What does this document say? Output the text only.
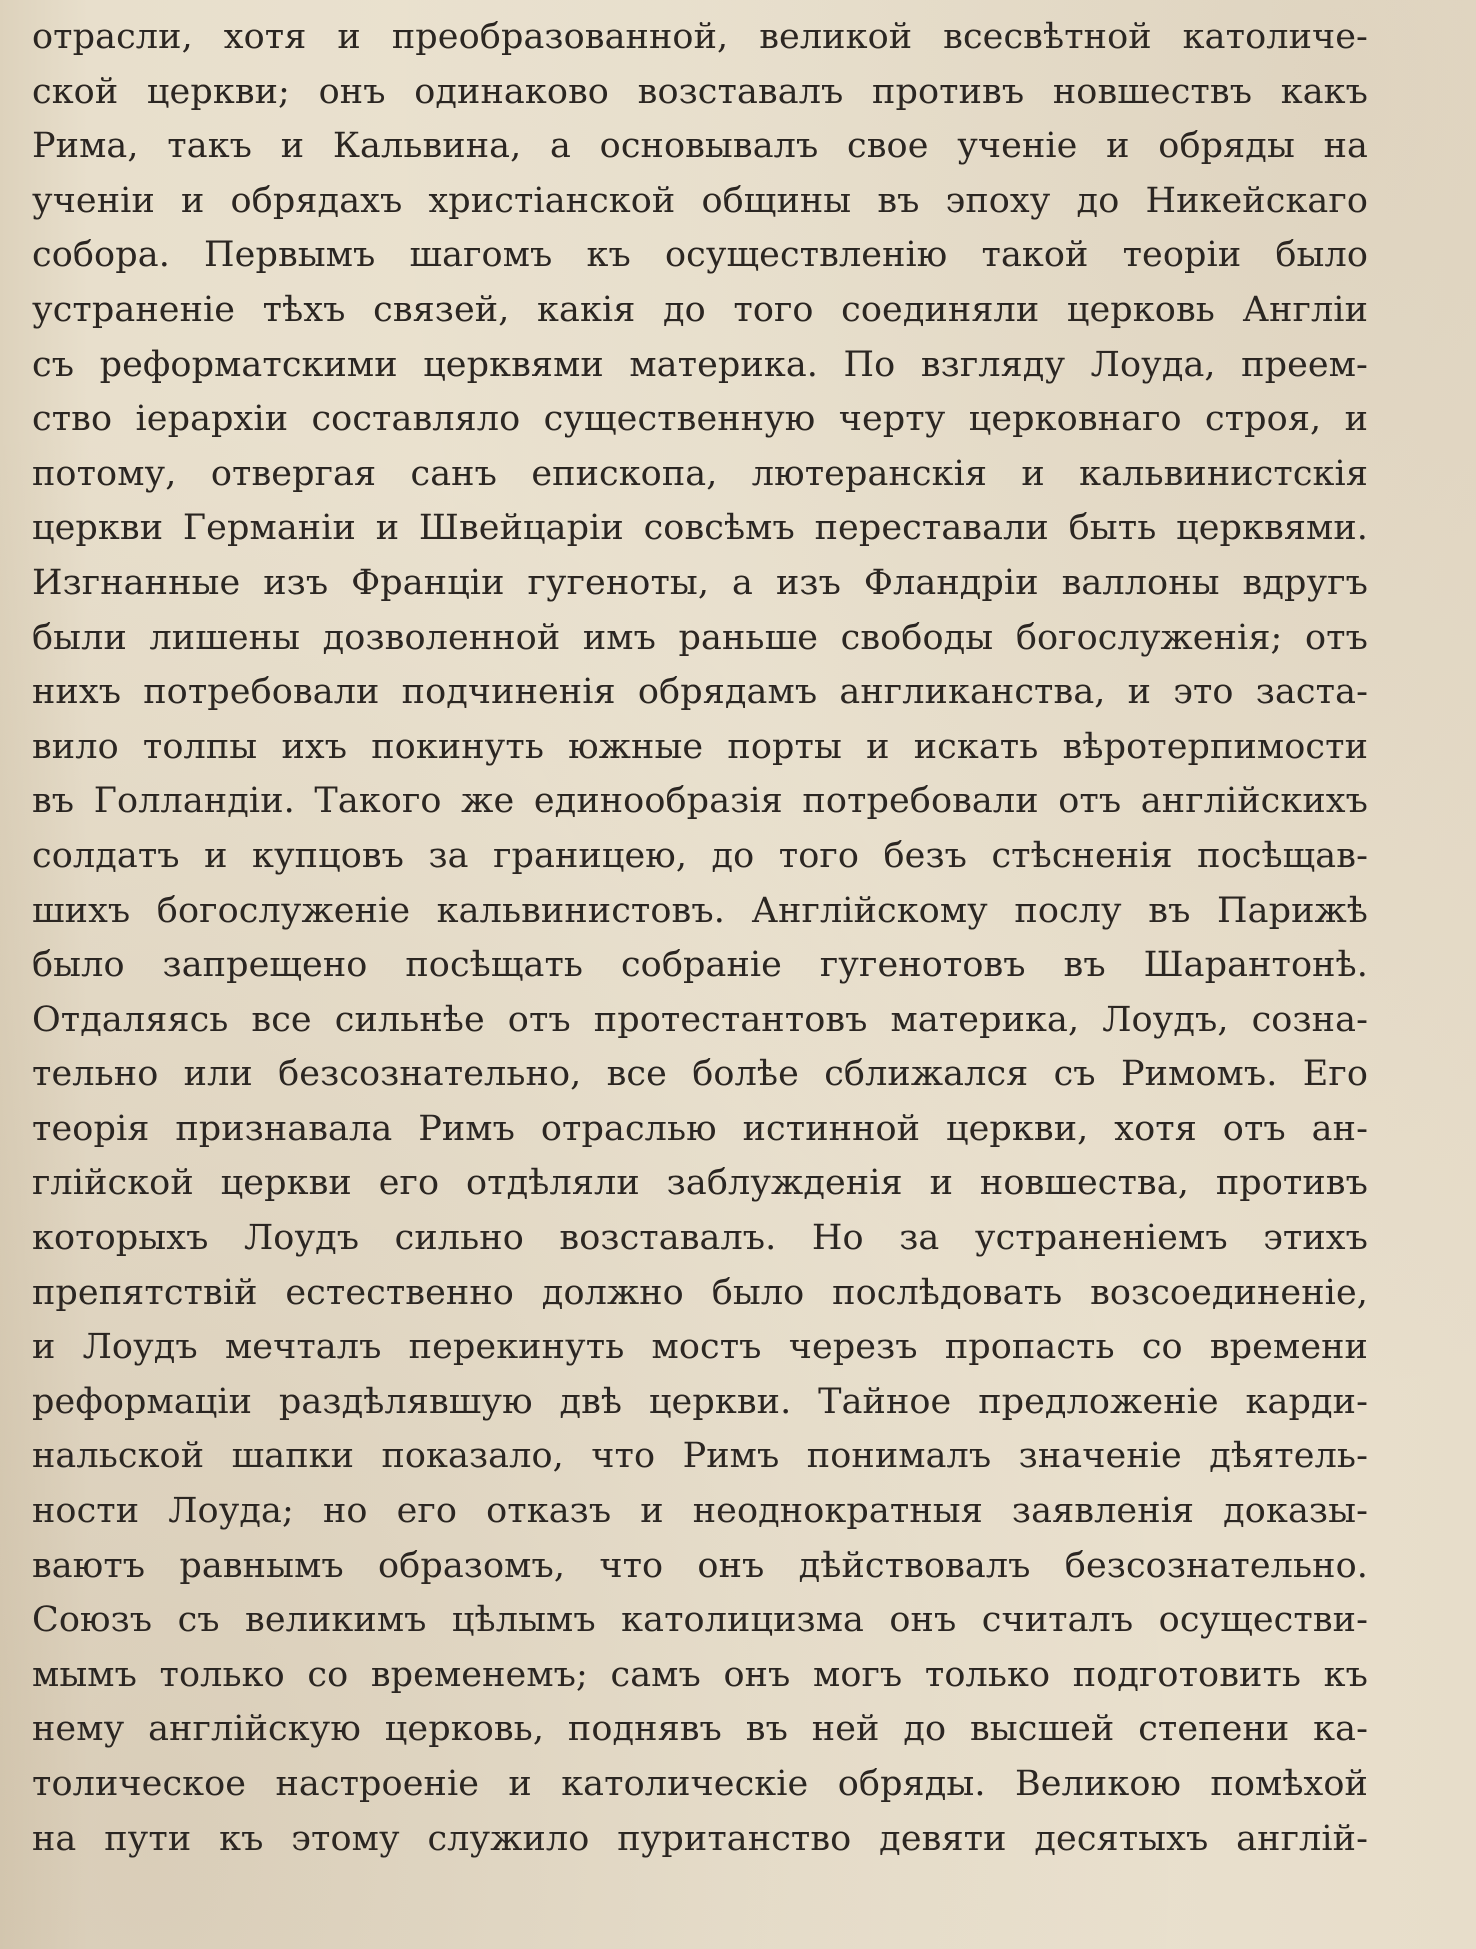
отрасли, хотя и преобразованной, великой всесвѣтной католиче-
ской церкви; онъ одинаково возставалъ противъ новшествъ какъ
Рима, такъ и Кальвина, а основывалъ свое ученіе и обряды на
ученіи и обрядахъ христіанской общины въ эпоху до Никейскаго
собора. Первымъ шагомъ къ осуществленію такой теоріи было
устраненіе тѣхъ связей, какія до того соединяли церковь Англіи
съ реформатскими церквями материка. По взгляду Лоуда, преем-
ство іерархіи составляло существенную черту церковнаго строя, и
потому, отвергая санъ епископа, лютеранскія и кальвинистскія
церкви Германіи и Швейцаріи совсѣмъ переставали быть церквями.
Изгнанные изъ Франціи гугеноты, а изъ Фландріи валлоны вдругъ
были лишены дозволенной имъ раньше свободы богослуженія; отъ
нихъ потребовали подчиненія обрядамъ англиканства, и это заста-
вило толпы ихъ покинуть южные порты и искать вѣротерпимости
въ Голландіи. Такого же единообразія потребовали отъ англійскихъ
солдатъ и купцовъ за границею, до того безъ стѣсненія посѣщав-
шихъ богослуженіе кальвинистовъ. Англійскому послу въ Парижѣ
было запрещено посѣщать собраніе гугенотовъ въ Шарантонѣ.
Отдаляясь все сильнѣе отъ протестантовъ материка, Лоудъ, созна-
тельно или безсознательно, все болѣе сближался съ Римомъ. Его
теорія признавала Римъ отраслью истинной церкви, хотя отъ ан-
глійской церкви его отдѣляли заблужденія и новшества, противъ
которыхъ Лоудъ сильно возставалъ. Но за устраненіемъ этихъ
препятствій естественно должно было послѣдовать возсоединеніе,
и Лоудъ мечталъ перекинуть мостъ черезъ пропасть со времени
реформаціи раздѣлявшую двѣ церкви. Тайное предложеніе карди-
нальской шапки показало, что Римъ понималъ значеніе дѣятель-
ности Лоуда; но его отказъ и неоднократныя заявленія доказы-
ваютъ равнымъ образомъ, что онъ дѣйствовалъ безсознательно.
Союзъ съ великимъ цѣлымъ католицизма онъ считалъ осуществи-
мымъ только со временемъ; самъ онъ могъ только подготовить къ
нему англійскую церковь, поднявъ въ ней до высшей степени ка-
толическое настроеніе и католическіе обряды. Великою помѣхой
на пути къ этому служило пуританство девяти десятыхъ англій-
